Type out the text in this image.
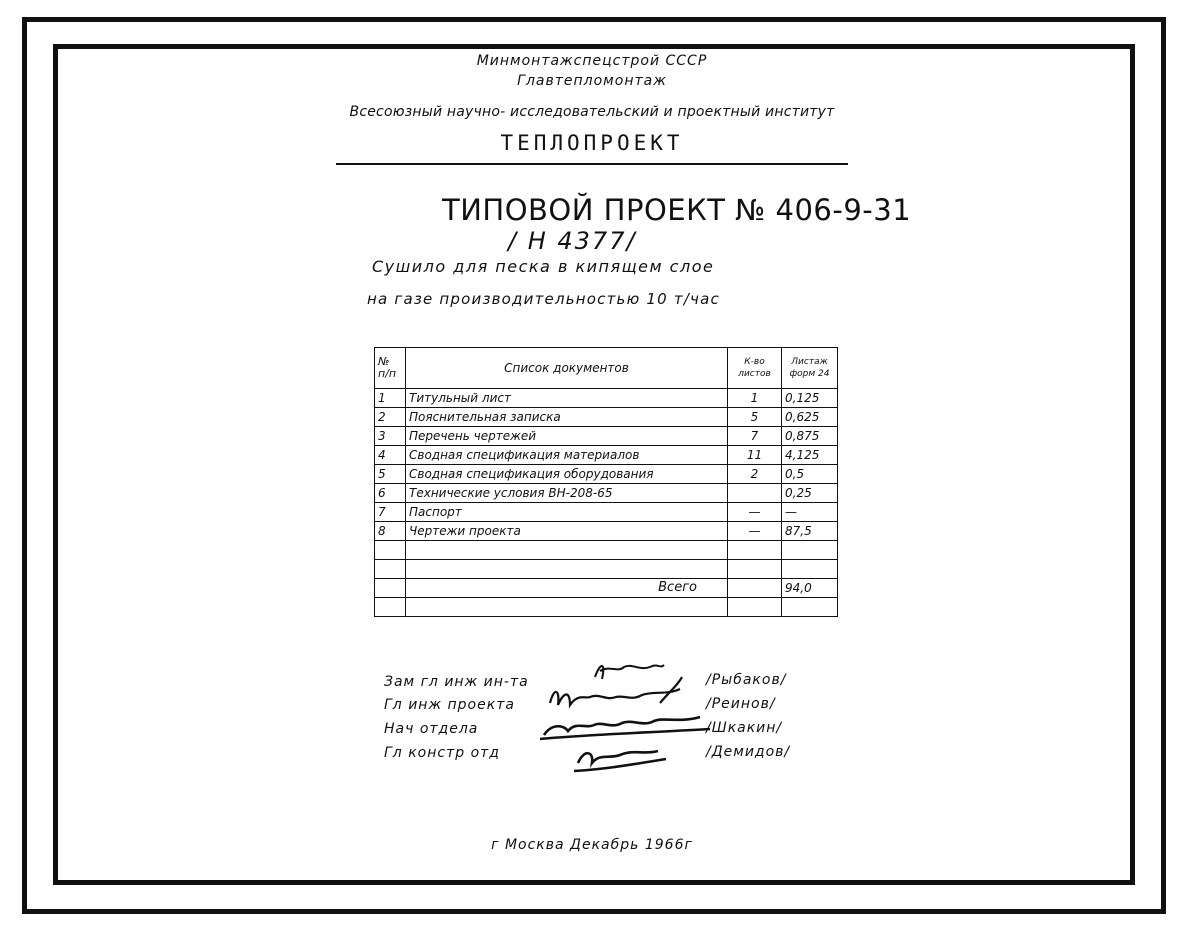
Минмонтажспецстрой СССР
Главтепломонтаж
Всесоюзный научно- исследовательский и проектный институт
ТЕПЛОПРОЕКТ
ТИПОВОЙ ПРОЕКТ № 406-9-31
/ Н 4377/
Сушило для песка в кипящем слое
на газе производительностью 10 т/час
№ п/п	Список документов	К-во листов	Листаж форм 24
1	Титульный лист	1	0,125
2	Пояснительная записка	5	0,625
3	Перечень чертежей	7	0,875
4	Сводная спецификация материалов	11	4,125
5	Сводная спецификация оборудования	2	0,5
6	Технические условия ВН-208-65		0,25
7	Паспорт	—	—
8	Чертежи проекта	—	87,5

	Всего		94,0

Зам гл инж ин-та	/Рыбаков/
Гл инж проекта	/Реинов/
Нач отдела	/Шкакин/
Гл констр отд	/Демидов/
г Москва Декабрь 1966г
